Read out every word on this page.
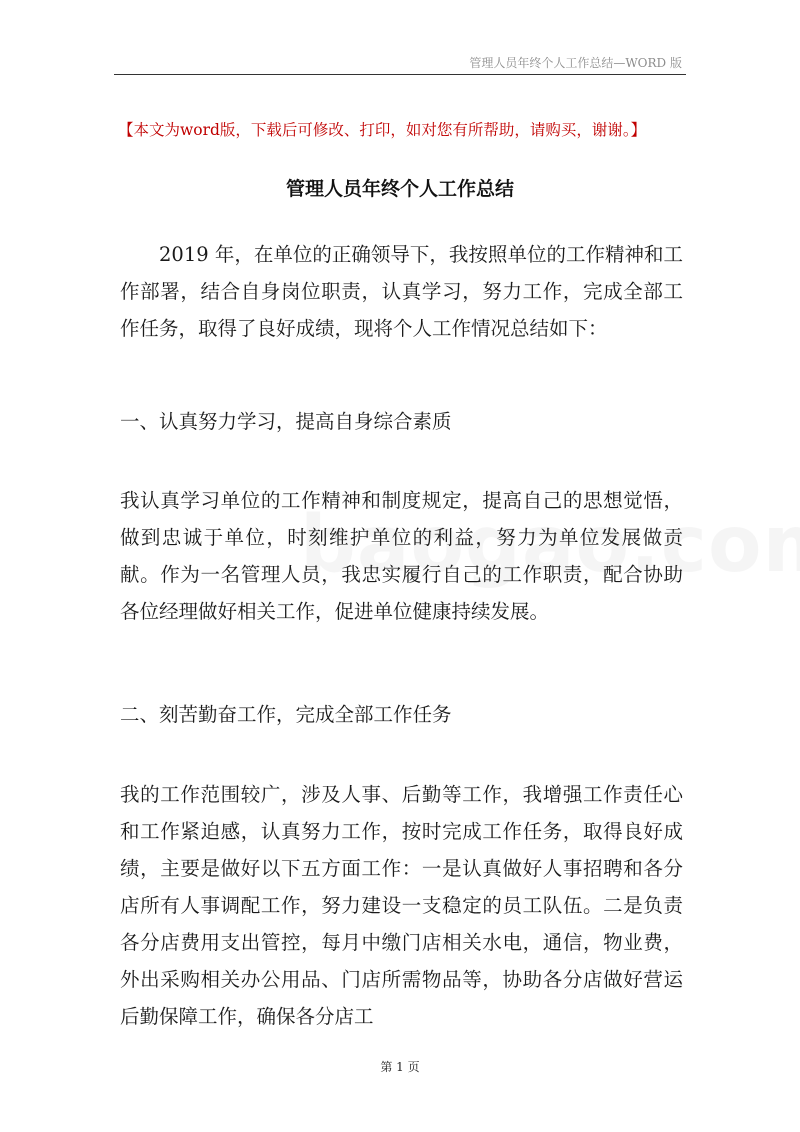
管理人员年终个人工作总结—WORD 版
【本文为word版，下载后可修改、打印，如对您有所帮助，请购买，谢谢。】
管理人员年终个人工作总结

2019 年，在单位的正确领导下，我按照单位的工作精神和工作部署，结合自身岗位职责，认真学习，努力工作，完成全部工作任务，取得了良好成绩，现将个人工作情况总结如下：

一、认真努力学习，提高自身综合素质

我认真学习单位的工作精神和制度规定，提高自己的思想觉悟，做到忠诚于单位，时刻维护单位的利益，努力为单位发展做贡献。作为一名管理人员，我忠实履行自己的工作职责，配合协助各位经理做好相关工作，促进单位健康持续发展。

二、刻苦勤奋工作，完成全部工作任务

我的工作范围较广，涉及人事、后勤等工作，我增强工作责任心和工作紧迫感，认真努力工作，按时完成工作任务，取得良好成绩，主要是做好以下五方面工作：一是认真做好人事招聘和各分店所有人事调配工作，努力建设一支稳定的员工队伍。二是负责各分店费用支出管控，每月中缴门店相关水电，通信，物业费，外出采购相关办公用品、门店所需物品等，协助各分店做好营运后勤保障工作，确保各分店工

第 1 页
